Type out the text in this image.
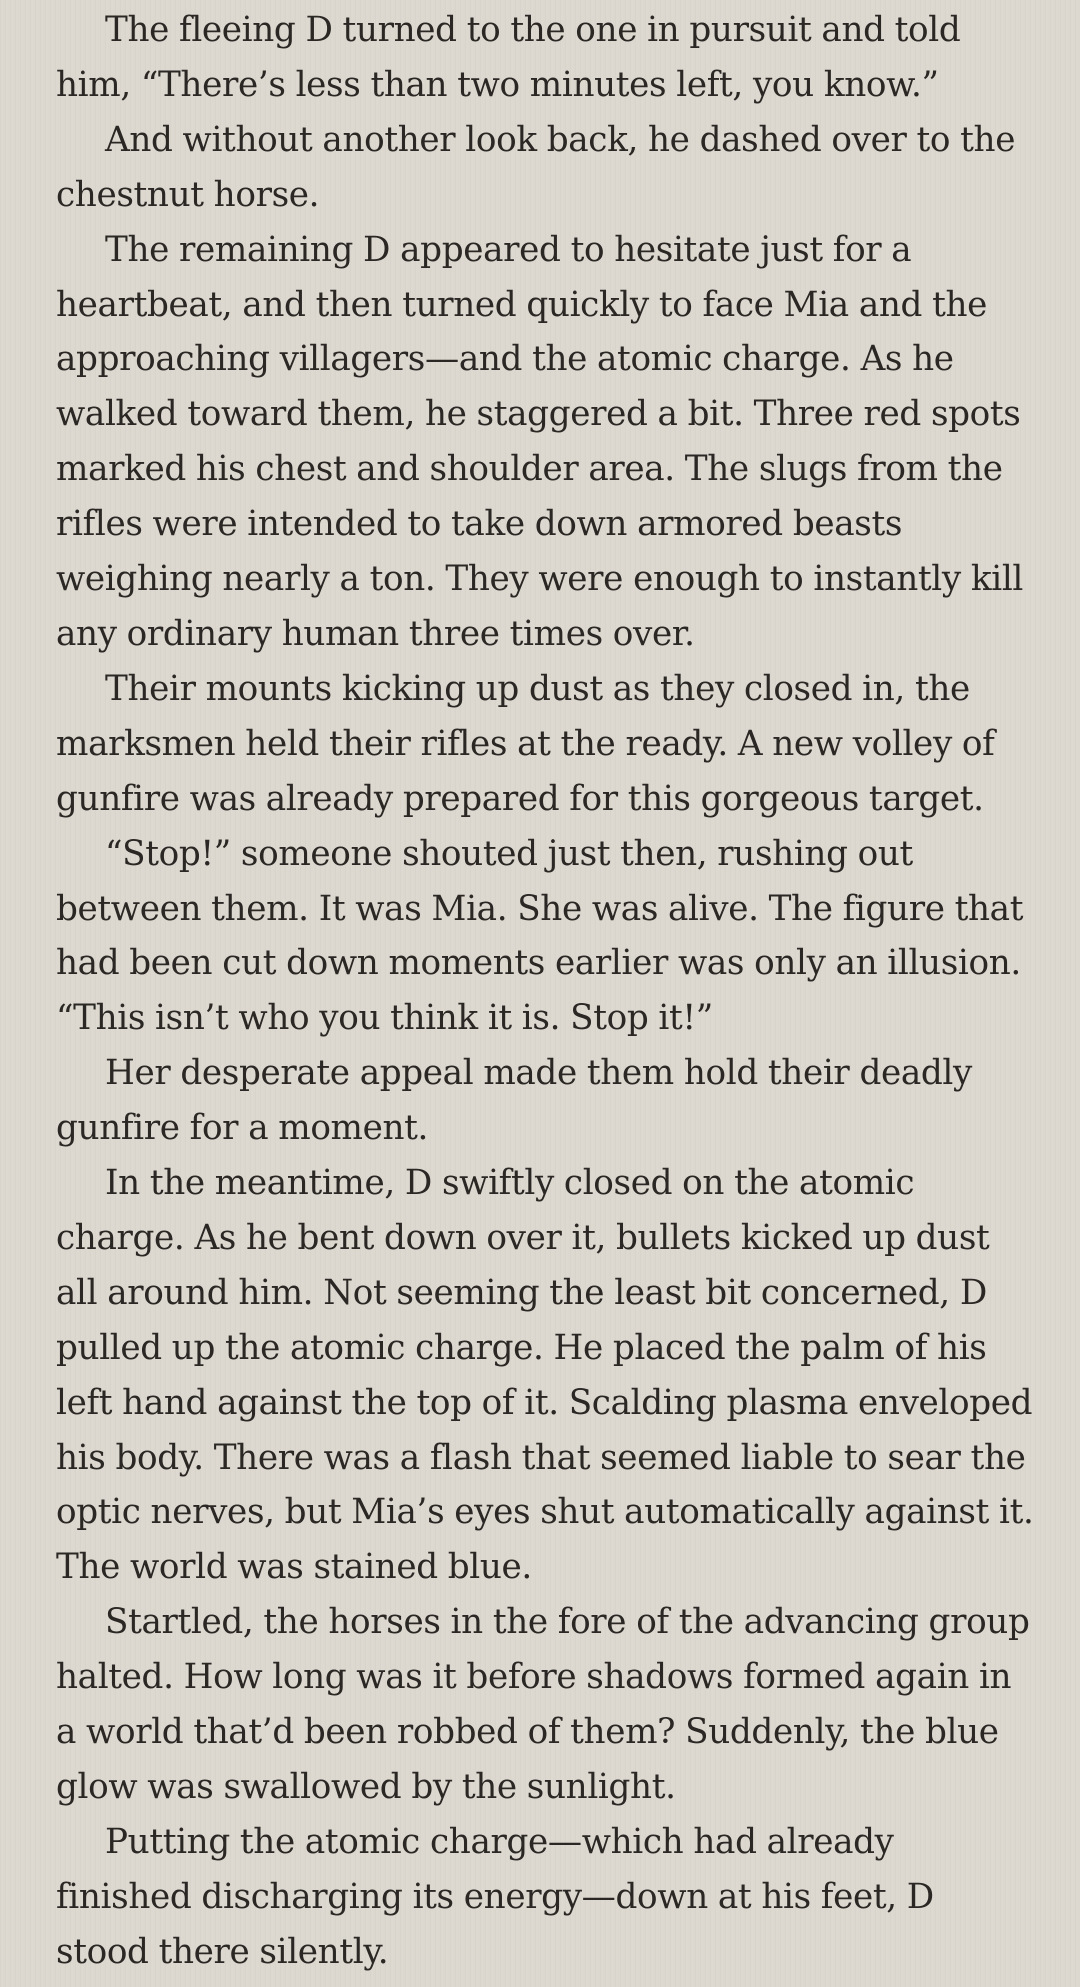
The fleeing D turned to the one in pursuit and told him, “There’s less than two minutes left, you know.”

And without another look back, he dashed over to the chestnut horse.

The remaining D appeared to hesitate just for a heartbeat, and then turned quickly to face Mia and the approaching villagers—and the atomic charge. As he walked toward them, he staggered a bit. Three red spots marked his chest and shoulder area. The slugs from the rifles were intended to take down armored beasts weighing nearly a ton. They were enough to instantly kill any ordinary human three times over.

Their mounts kicking up dust as they closed in, the marksmen held their rifles at the ready. A new volley of gunfire was already prepared for this gorgeous target.

“Stop!” someone shouted just then, rushing out between them. It was Mia. She was alive. The figure that had been cut down moments earlier was only an illusion. “This isn’t who you think it is. Stop it!”

Her desperate appeal made them hold their deadly gunfire for a moment.

In the meantime, D swiftly closed on the atomic charge. As he bent down over it, bullets kicked up dust all around him. Not seeming the least bit concerned, D pulled up the atomic charge. He placed the palm of his left hand against the top of it. Scalding plasma enveloped his body. There was a flash that seemed liable to sear the optic nerves, but Mia’s eyes shut automatically against it. The world was stained blue.

Startled, the horses in the fore of the advancing group halted. How long was it before shadows formed again in a world that’d been robbed of them? Suddenly, the blue glow was swallowed by the sunlight.

Putting the atomic charge—which had already finished discharging its energy—down at his feet, D stood there silently.
